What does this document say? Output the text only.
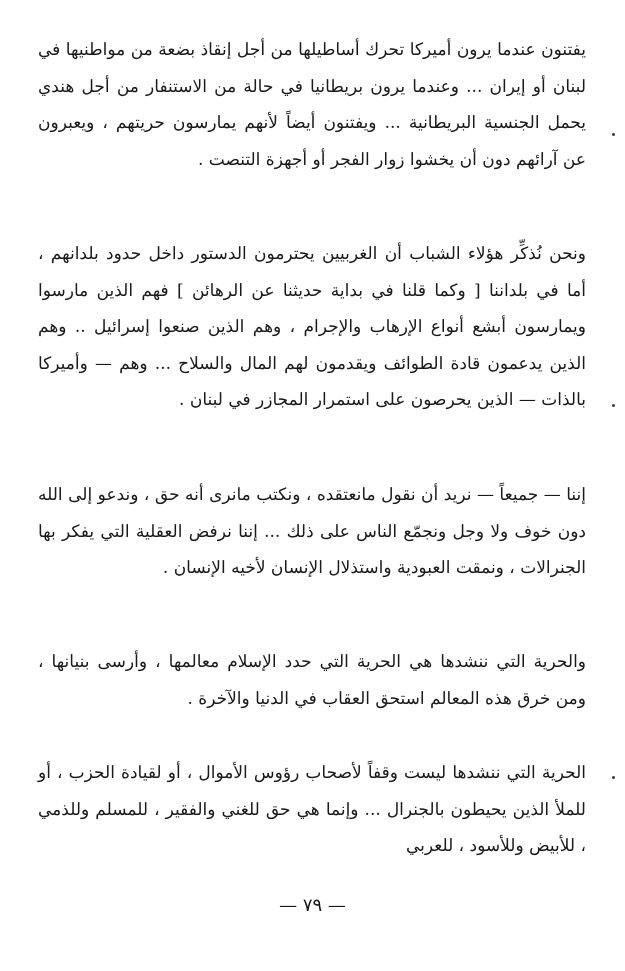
يفتنون عندما يرون أميركا تحرك أساطيلها من أجل إنقاذ بضعة من مواطنيها في لبنان أو إيران ... وعندما يرون بريطانيا في حالة من الاستنفار من أجل هندي يحمل الجنسية البريطانية ... ويفتنون أيضاً لأنهم يمارسون حريتهم ، ويعبرون عن آرائهم دون أن يخشوا زوار الفجر أو أجهزة التنصت .

ونحن نُذكِّر هؤلاء الشباب أن الغربيين يحترمون الدستور داخل حدود بلدانهم ، أما في بلداننا [ وكما قلنا في بداية حديثنا عن الرهائن ] فهم الذين مارسوا ويمارسون أبشع أنواع الإرهاب والإجرام ، وهم الذين صنعوا إسرائيل .. وهم الذين يدعمون قادة الطوائف ويقدمون لهم المال والسلاح ... وهم — وأميركا بالذات — الذين يحرصون على استمرار المجازر في لبنان .

إننا — جميعاً — نريد أن نقول مانعتقده ، ونكتب مانرى أنه حق ، وندعو إلى الله دون خوف ولا وجل ونجمّع الناس على ذلك ... إننا نرفض العقلية التي يفكر بها الجنرالات ، ونمقت العبودية واستذلال الإنسان لأخيه الإنسان .

والحرية التي ننشدها هي الحرية التي حدد الإسلام معالمها ، وأرسى بنيانها ، ومن خرق هذه المعالم استحق العقاب في الدنيا والآخرة .

الحرية التي ننشدها ليست وقفاً لأصحاب رؤوس الأموال ، أو لقيادة الحزب ، أو للملأ الذين يحيطون بالجنرال ... وإنما هي حق للغني والفقير ، للمسلم وللذمي ، للأبيض وللأسود ، للعربي

— ٧٩ —
